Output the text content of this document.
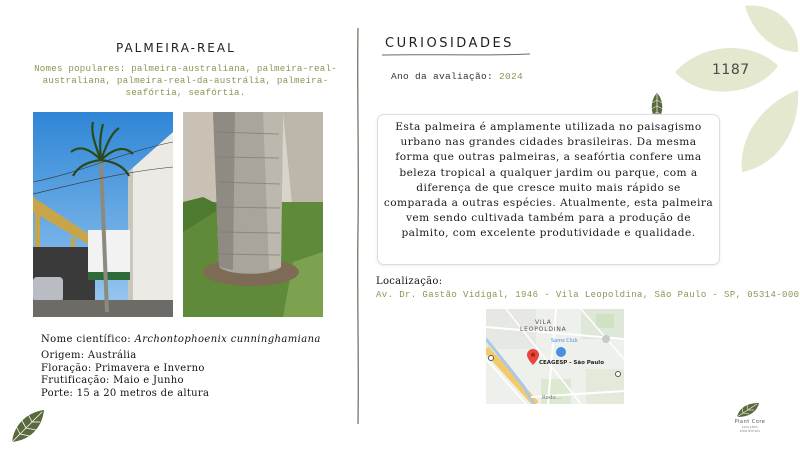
1187
PALMEIRA-REAL
Nomes populares: palmeira-australiana, palmeira-real-australiana, palmeira-real-da-austrália, palmeira-seafórtia, seafórtia.
Nome científico: Archontophoenix cunninghamiana
Origem: Austrália
Floração: Primavera e Inverno
Frutificação: Maio e Junho
Porte: 15 a 20 metros de altura
CURIOSIDADES
Ano da avaliação: 2024
Esta palmeira é amplamente utilizada no paisagismo urbano nas grandes cidades brasileiras. Da mesma forma que outras palmeiras, a seafórtia confere uma beleza tropical a qualquer jardim ou parque, com a diferença de que cresce muito mais rápido se comparada a outras espécies. Atualmente, esta palmeira vem sendo cultivada também para a produção de palmito, com excelente produtividade e qualidade.
Localização:
Av. Dr. Gastão Vidigal, 1946 - Vila Leopoldina, São Paulo - SP, 05314-000
VILA
LEOPOLDINA
Sams Club
CEAGESP - São Paulo
Rodo...
Plant Core
soluções ambientais
